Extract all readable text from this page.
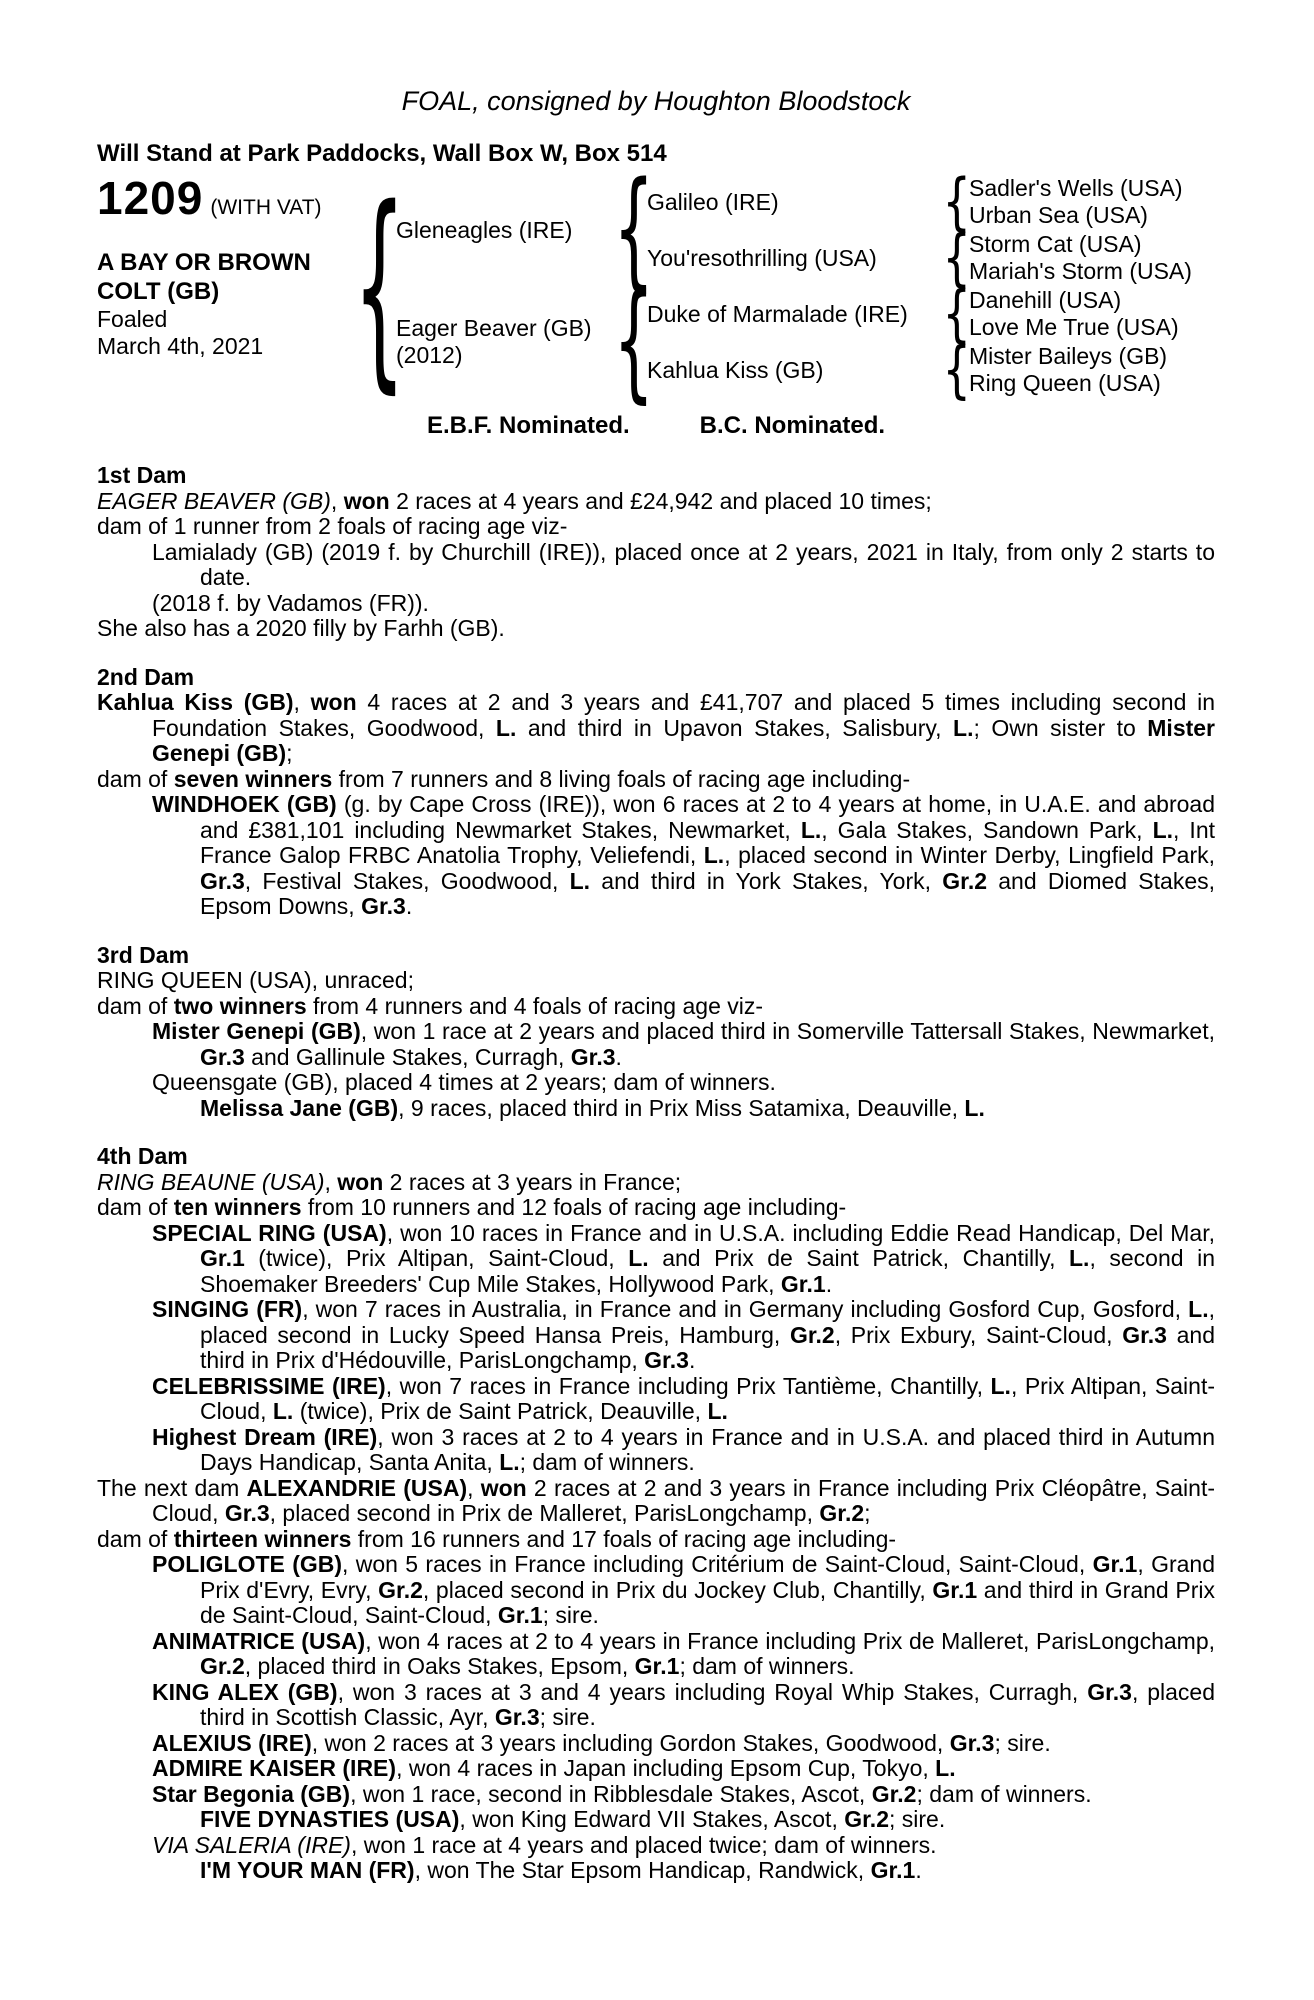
FOAL, consigned by Houghton Bloodstock
Will Stand at Park Paddocks, Wall Box W, Box 514
1209 (WITH VAT)
A BAY OR BROWN
COLT (GB)
Foaled
March 4th, 2021
{
Gleneagles (IRE)
{
Galileo (IRE)
{
Sadler's Wells (USA)
Urban Sea (USA)
You'resothrilling (USA)
{
Storm Cat (USA)
Mariah's Storm (USA)
Eager Beaver (GB)
(2012)
{
Duke of Marmalade (IRE)
{
Danehill (USA)
Love Me True (USA)
Kahlua Kiss (GB)
{
Mister Baileys (GB)
Ring Queen (USA)
E.B.F. Nominated.	B.C. Nominated.
1st Dam

EAGER BEAVER (GB), won 2 races at 4 years and £24,942 and placed 10 times;

dam of 1 runner from 2 foals of racing age viz-

Lamialady (GB) (2019 f. by Churchill (IRE)), placed once at 2 years, 2021 in Italy, from only 2 starts to date.

(2018 f. by Vadamos (FR)).

She also has a 2020 filly by Farhh (GB).

2nd Dam

Kahlua Kiss (GB), won 4 races at 2 and 3 years and £41,707 and placed 5 times including second in Foundation Stakes, Goodwood, L. and third in Upavon Stakes, Salisbury, L.; Own sister to Mister Genepi (GB);

dam of seven winners from 7 runners and 8 living foals of racing age including-

WINDHOEK (GB) (g. by Cape Cross (IRE)), won 6 races at 2 to 4 years at home, in U.A.E. and abroad and £381,101 including Newmarket Stakes, Newmarket, L., Gala Stakes, Sandown Park, L., Int France Galop FRBC Anatolia Trophy, Veliefendi, L., placed second in Winter Derby, Lingfield Park, Gr.3, Festival Stakes, Goodwood, L. and third in York Stakes, York, Gr.2 and Diomed Stakes, Epsom Downs, Gr.3.

3rd Dam

RING QUEEN (USA), unraced;

dam of two winners from 4 runners and 4 foals of racing age viz-

Mister Genepi (GB), won 1 race at 2 years and placed third in Somerville Tattersall Stakes, Newmarket, Gr.3 and Gallinule Stakes, Curragh, Gr.3.

Queensgate (GB), placed 4 times at 2 years; dam of winners.

Melissa Jane (GB), 9 races, placed third in Prix Miss Satamixa, Deauville, L.

4th Dam

RING BEAUNE (USA), won 2 races at 3 years in France;

dam of ten winners from 10 runners and 12 foals of racing age including-

SPECIAL RING (USA), won 10 races in France and in U.S.A. including Eddie Read Handicap, Del Mar, Gr.1 (twice), Prix Altipan, Saint-Cloud, L. and Prix de Saint Patrick, Chantilly, L., second in Shoemaker Breeders' Cup Mile Stakes, Hollywood Park, Gr.1.

SINGING (FR), won 7 races in Australia, in France and in Germany including Gosford Cup, Gosford, L., placed second in Lucky Speed Hansa Preis, Hamburg, Gr.2, Prix Exbury, Saint-Cloud, Gr.3 and third in Prix d'Hédouville, ParisLongchamp, Gr.3.

CELEBRISSIME (IRE), won 7 races in France including Prix Tantième, Chantilly, L., Prix Altipan, Saint-Cloud, L. (twice), Prix de Saint Patrick, Deauville, L.

Highest Dream (IRE), won 3 races at 2 to 4 years in France and in U.S.A. and placed third in Autumn Days Handicap, Santa Anita, L.; dam of winners.

The next dam ALEXANDRIE (USA), won 2 races at 2 and 3 years in France including Prix Cléopâtre, Saint-Cloud, Gr.3, placed second in Prix de Malleret, ParisLongchamp, Gr.2;

dam of thirteen winners from 16 runners and 17 foals of racing age including-

POLIGLOTE (GB), won 5 races in France including Critérium de Saint-Cloud, Saint-Cloud, Gr.1, Grand Prix d'Evry, Evry, Gr.2, placed second in Prix du Jockey Club, Chantilly, Gr.1 and third in Grand Prix de Saint-Cloud, Saint-Cloud, Gr.1; sire.

ANIMATRICE (USA), won 4 races at 2 to 4 years in France including Prix de Malleret, ParisLongchamp, Gr.2, placed third in Oaks Stakes, Epsom, Gr.1; dam of winners.

KING ALEX (GB), won 3 races at 3 and 4 years including Royal Whip Stakes, Curragh, Gr.3, placed third in Scottish Classic, Ayr, Gr.3; sire.

ALEXIUS (IRE), won 2 races at 3 years including Gordon Stakes, Goodwood, Gr.3; sire.

ADMIRE KAISER (IRE), won 4 races in Japan including Epsom Cup, Tokyo, L.

Star Begonia (GB), won 1 race, second in Ribblesdale Stakes, Ascot, Gr.2; dam of winners.

FIVE DYNASTIES (USA), won King Edward VII Stakes, Ascot, Gr.2; sire.

VIA SALERIA (IRE), won 1 race at 4 years and placed twice; dam of winners.

I'M YOUR MAN (FR), won The Star Epsom Handicap, Randwick, Gr.1.
